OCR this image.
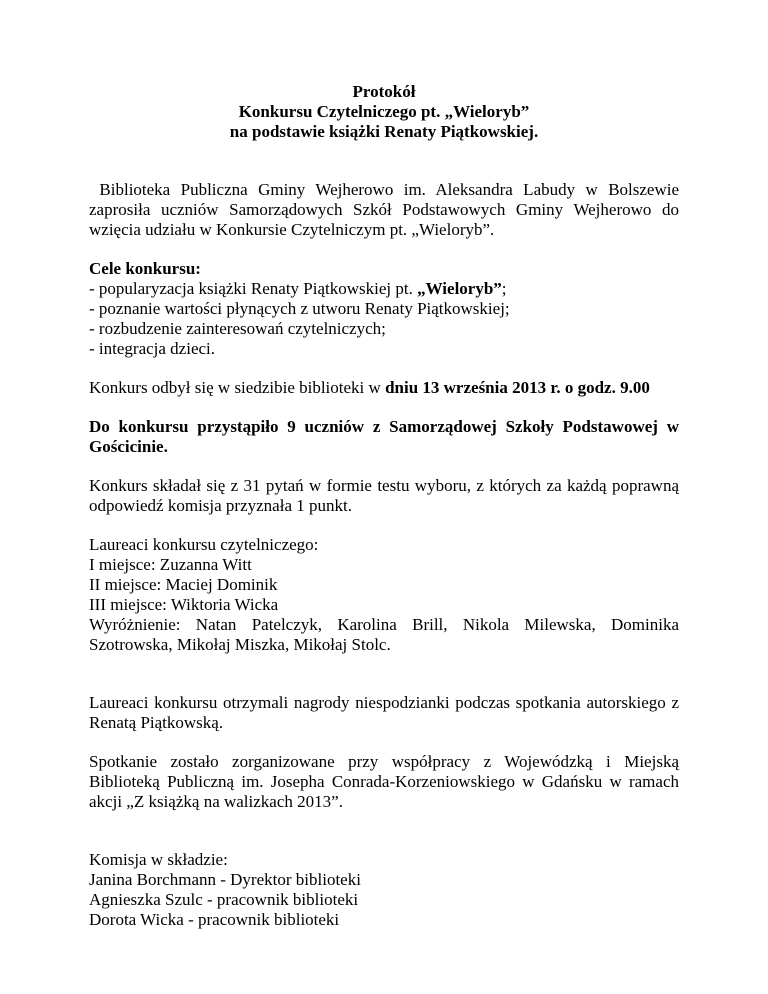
Protokół
Konkursu Czytelniczego pt. „Wieloryb”
na podstawie książki Renaty Piątkowskiej.

Biblioteka Publiczna Gminy Wejherowo im. Aleksandra Labudy w Bolszewie zaprosiła uczniów Samorządowych Szkół Podstawowych Gminy Wejherowo do wzięcia udziału w Konkursie Czytelniczym pt. „Wieloryb”.

Cele konkursu:
- popularyzacja książki Renaty Piątkowskiej pt. „Wieloryb”;
- poznanie wartości płynących z utworu Renaty Piątkowskiej;
- rozbudzenie zainteresowań czytelniczych;
- integracja dzieci.

Konkurs odbył się w siedzibie biblioteki w dniu 13 września 2013 r. o godz. 9.00

Do konkursu przystąpiło 9 uczniów z Samorządowej Szkoły Podstawowej w Gościcinie.

Konkurs składał się z 31 pytań w formie testu wyboru, z których za każdą poprawną odpowiedź komisja przyznała 1 punkt.

Laureaci konkursu czytelniczego:
I miejsce: Zuzanna Witt
II miejsce: Maciej Dominik
III miejsce: Wiktoria Wicka
Wyróżnienie: Natan Patelczyk, Karolina Brill, Nikola Milewska, Dominika Szotrowska, Mikołaj Miszka, Mikołaj Stolc.

Laureaci konkursu otrzymali nagrody niespodzianki podczas spotkania autorskiego z Renatą Piątkowską.

Spotkanie zostało zorganizowane przy współpracy z Wojewódzką i Miejską Biblioteką Publiczną im. Josepha Conrada-Korzeniowskiego w Gdańsku w ramach akcji „Z książką na walizkach 2013”.

Komisja w składzie:
Janina Borchmann - Dyrektor biblioteki
Agnieszka Szulc - pracownik biblioteki
Dorota Wicka - pracownik biblioteki
